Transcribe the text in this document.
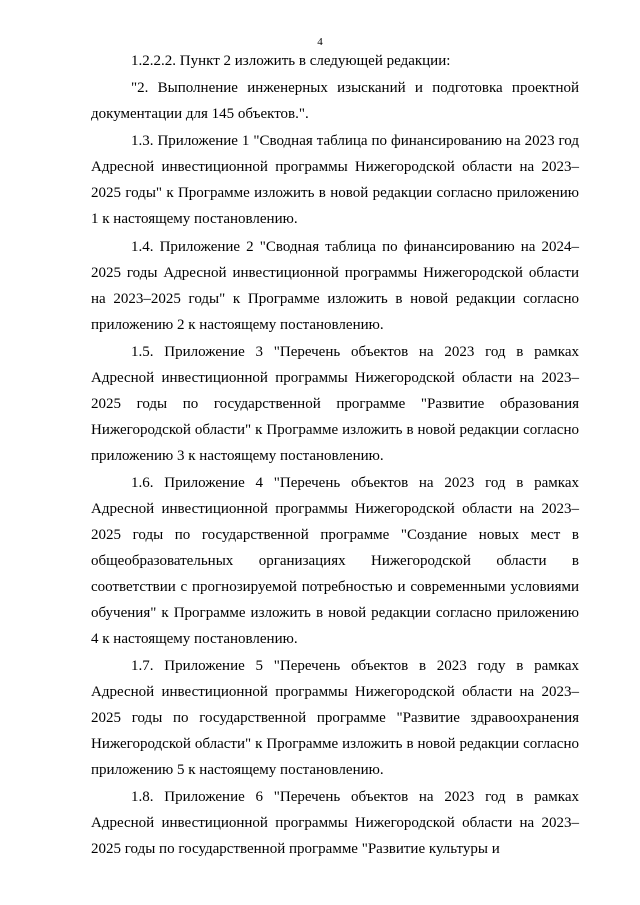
4

1.2.2.2. Пункт 2 изложить в следующей редакции:

"2. Выполнение инженерных изысканий и подготовка проектной документации для 145 объектов.".

1.3. Приложение 1 "Сводная таблица по финансированию на 2023 год Адресной инвестиционной программы Нижегородской области на 2023–2025 годы" к Программе изложить в новой редакции согласно приложению 1 к настоящему постановлению.

1.4. Приложение 2 "Сводная таблица по финансированию на 2024–2025 годы Адресной инвестиционной программы Нижегородской области на 2023–2025 годы" к Программе изложить в новой редакции согласно приложению 2 к настоящему постановлению.

1.5. Приложение 3 "Перечень объектов на 2023 год в рамках Адресной инвестиционной программы Нижегородской области на 2023–2025 годы по государственной программе "Развитие образования Нижегородской области" к Программе изложить в новой редакции согласно приложению 3 к настоящему постановлению.

1.6. Приложение 4 "Перечень объектов на 2023 год в рамках Адресной инвестиционной программы Нижегородской области на 2023–2025 годы по государственной программе "Создание новых мест в общеобразовательных организациях Нижегородской области в соответствии с прогнозируемой потребностью и современными условиями обучения" к Программе изложить в новой редакции согласно приложению 4 к настоящему постановлению.

1.7. Приложение 5 "Перечень объектов в 2023 году в рамках Адресной инвестиционной программы Нижегородской области на 2023–2025 годы по государственной программе "Развитие здравоохранения Нижегородской области" к Программе изложить в новой редакции согласно приложению 5 к настоящему постановлению.

1.8. Приложение 6 "Перечень объектов на 2023 год в рамках Адресной инвестиционной программы Нижегородской области на 2023–2025 годы по государственной программе "Развитие культуры и
